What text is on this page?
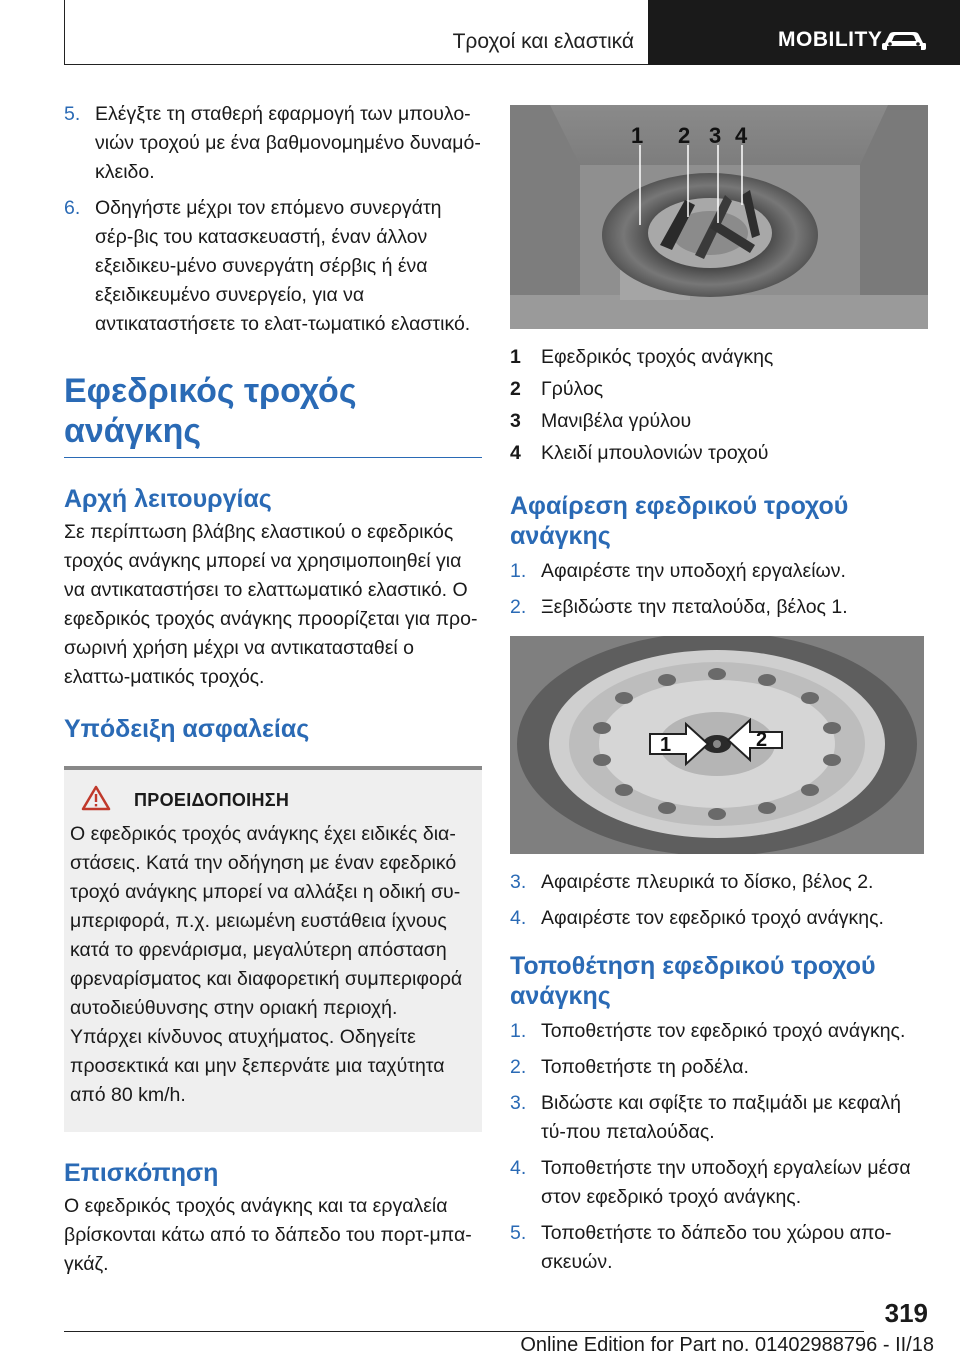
Τροχοί και ελαστικά	MOBILITY
5. Ελέγξτε τη σταθερή εφαρμογή των μπουλο-νιών τροχού με ένα βαθμονομημένο δυναμό-κλειδο.
6. Οδηγήστε μέχρι τον επόμενο συνεργάτη σέρ-βις του κατασκευαστή, έναν άλλον εξειδικευ-μένο συνεργάτη σέρβις ή ένα εξειδικευμένο συνεργείο, για να αντικαταστήσετε το ελατ-τωματικό ελαστικό.
Εφεδρικός τροχός ανάγκης
Αρχή λειτουργίας
Σε περίπτωση βλάβης ελαστικού ο εφεδρικός τροχός ανάγκης μπορεί να χρησιμοποιηθεί για να αντικαταστήσει το ελαττωματικό ελαστικό. Ο εφεδρικός τροχός ανάγκης προορίζεται για προ-σωρινή χρήση μέχρι να αντικατασταθεί ο ελαττω-ματικός τροχός.
Υπόδειξη ασφαλείας
ΠΡΟΕΙΔΟΠΟΙΗΣΗ
Ο εφεδρικός τροχός ανάγκης έχει ειδικές δια-στάσεις. Κατά την οδήγηση με έναν εφεδρικό τροχό ανάγκης μπορεί να αλλάξει η οδική συ-μπεριφορά, π.χ. μειωμένη ευστάθεια ίχνους κατά το φρενάρισμα, μεγαλύτερη απόσταση φρεναρίσματος και διαφορετική συμπεριφορά αυτοδιεύθυνσης στην οριακή περιοχή. Υπάρχει κίνδυνος ατυχήματος. Οδηγείτε προσεκτικά και μην ξεπερνάτε μια ταχύτητα από 80 km/h.
Επισκόπηση
Ο εφεδρικός τροχός ανάγκης και τα εργαλεία βρίσκονται κάτω από το δάπεδο του πορτ-μπα-γκάζ.
1 2 3 4
1 Εφεδρικός τροχός ανάγκης
2 Γρύλος
3 Μανιβέλα γρύλου
4 Κλειδί μπουλονιών τροχού
Αφαίρεση εφεδρικού τροχού ανάγκης
1. Αφαιρέστε την υποδοχή εργαλείων.
2. Ξεβιδώστε την πεταλούδα, βέλος 1.
1	2
3. Αφαιρέστε πλευρικά το δίσκο, βέλος 2.
4. Αφαιρέστε τον εφεδρικό τροχό ανάγκης.
Τοποθέτηση εφεδρικού τροχού ανάγκης
1. Τοποθετήστε τον εφεδρικό τροχό ανάγκης.
2. Τοποθετήστε τη ροδέλα.
3. Βιδώστε και σφίξτε το παξιμάδι με κεφαλή τύ-που πεταλούδας.
4. Τοποθετήστε την υποδοχή εργαλείων μέσα στον εφεδρικό τροχό ανάγκης.
5. Τοποθετήστε το δάπεδο του χώρου απο-σκευών.
319
Online Edition for Part no. 01402988796 - II/18
